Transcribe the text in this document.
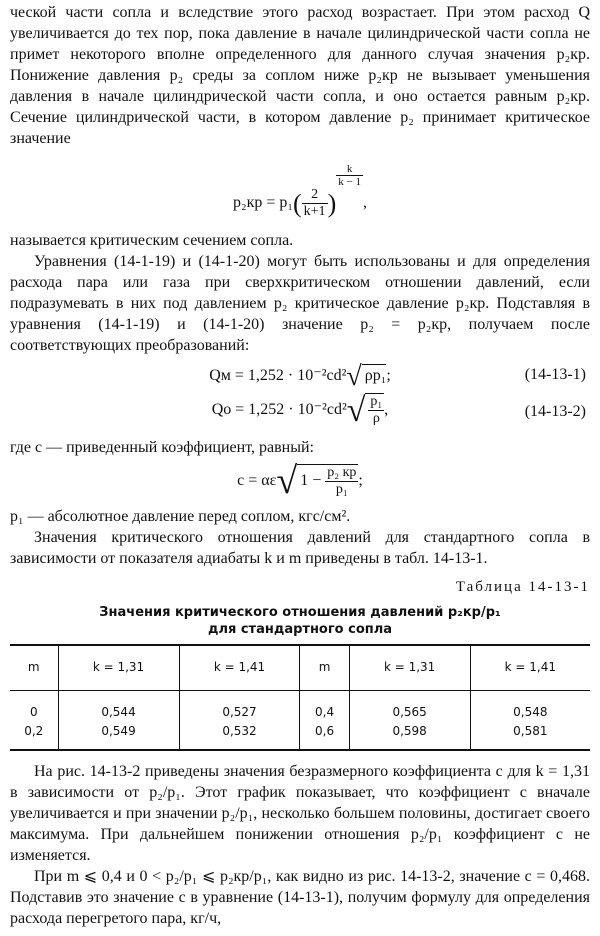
ческой части сопла и вследствие этого расход возрастает. При этом расход Q увеличивается до тех пор, пока давление в начале цилиндрической части сопла не примет некоторого вполне определенного для данного случая значения p₂кр. Понижение давления p₂ среды за соплом ниже p₂кр не вызывает уменьшения давления в начале цилиндрической части сопла, и оно остается равным p₂кр. Сечение цилиндрической части, в котором давление p₂ принимает критическое значение

$p_2кр = p_1( \frac{2}{k+1}$ )
$\frac{k}{k - 1}$
,

называется критическим сечением сопла.

Уравнения (14-1-19) и (14-1-20) могут быть использованы и для определения расхода пара или газа при сверхкритическом отношении давлений, если подразумевать в них под давлением p₂ критическое давление p₂кр. Подставляя в уравнения (14-1-19) и (14-1-20) значение p₂ = p₂кр, получаем после соответствующих преобразований:

Qм = 1,252 · 10⁻²cd²√ ρp₁;	(14-13-1)
Qо = $1,252 \cdot 10^{-2}cd^2√ \frac{\text{p₁}}{\rho}$ ,	(14-13-2)

где c — приведенный коэффициент, равный:

c = αε√ $1 - \frac{\text{p₂ кр}}{\text{p₁}}$ ;

p₁ — абсолютное давление перед соплом, кгс/см².

Значения критического отношения давлений для стандартного сопла в зависимости от показателя адиабаты k и m приведены в табл. 14-13-1.

Таблица 14-13-1
Значения критического отношения давлений p₂кр/p₁
для стандартного сопла
m	k = 1,31	k = 1,41	m	k = 1,31	k = 1,41
0	0,544	0,527	0,4	0,565	0,548
0,2	0,549	0,532	0,6	0,598	0,581

На рис. 14-13-2 приведены значения безразмерного коэффициента c для k = 1,31 в зависимости от p₂/p₁. Этот график показывает, что коэффициент c вначале увеличивается и при значении p₂/p₁, несколько большем половины, достигает своего максимума. При дальнейшем понижении отношения p₂/p₁ коэффициент c не изменяется.

При m ⩽ 0,4 и 0 < p₂/p₁ ⩽ p₂кр/p₁, как видно из рис. 14-13-2, значение c = 0,468. Подставив это значение c в уравнение (14-13-1), получим формулу для определения расхода перегретого пара, кг/ч,
